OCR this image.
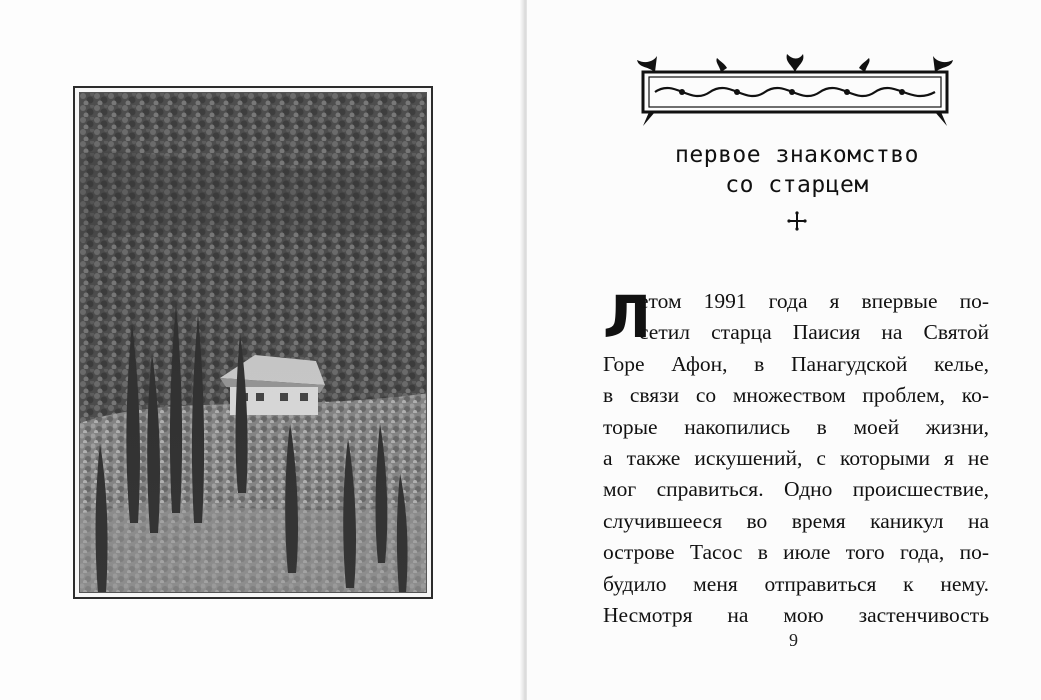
первое знакомство
со старцем
Л
етом 1991 года я впервые по-
сетил старца Паисия на Святой
Горе Афон, в Панагудской келье,
в связи со множеством проблем, ко-
торые накопились в моей жизни,
а также искушений, с которыми я не
мог справиться. Одно происшествие,
случившееся во время каникул на
острове Тасос в июле того года, по-
будило меня отправиться к нему.
Несмотря на мою застенчивость
9
